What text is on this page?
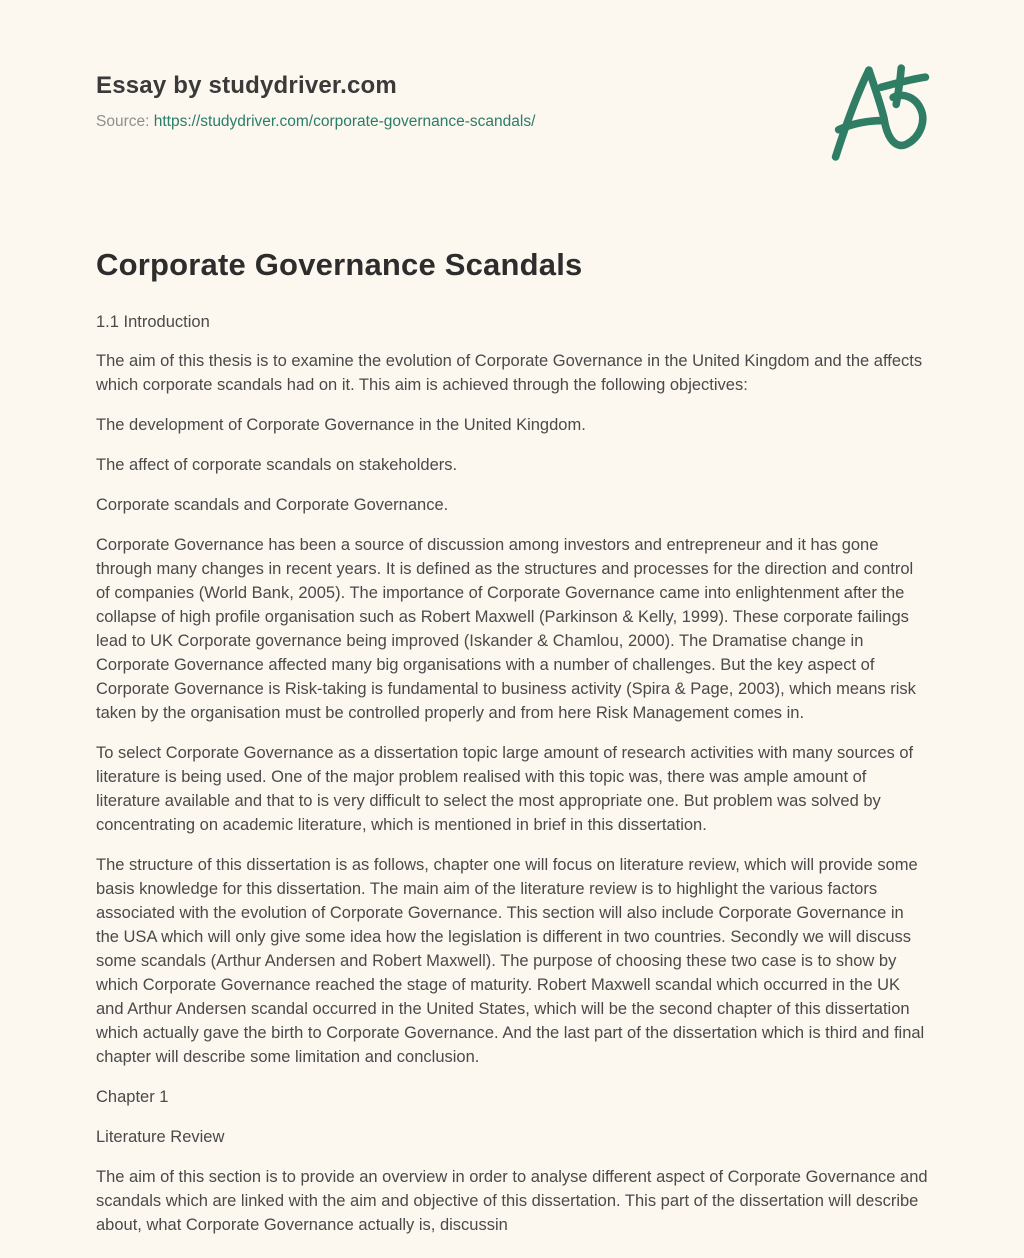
Essay by studydriver.com

Source: https://studydriver.com/corporate-governance-scandals/

Corporate Governance Scandals

1.1 Introduction

The aim of this thesis is to examine the evolution of Corporate Governance in the United Kingdom and the affects which corporate scandals had on it. This aim is achieved through the following objectives:

The development of Corporate Governance in the United Kingdom.

The affect of corporate scandals on stakeholders.

Corporate scandals and Corporate Governance.

Corporate Governance has been a source of discussion among investors and entrepreneur and it has gone through many changes in recent years. It is defined as the structures and processes for the direction and control of companies (World Bank, 2005). The importance of Corporate Governance came into enlightenment after the collapse of high profile organisation such as Robert Maxwell (Parkinson & Kelly, 1999). These corporate failings lead to UK Corporate governance being improved (Iskander & Chamlou, 2000). The Dramatise change in Corporate Governance affected many big organisations with a number of challenges. But the key aspect of Corporate Governance is Risk-taking is fundamental to business activity (Spira & Page, 2003), which means risk taken by the organisation must be controlled properly and from here Risk Management comes in.

To select Corporate Governance as a dissertation topic large amount of research activities with many sources of literature is being used. One of the major problem realised with this topic was, there was ample amount of literature available and that to is very difficult to select the most appropriate one. But problem was solved by concentrating on academic literature, which is mentioned in brief in this dissertation.

The structure of this dissertation is as follows, chapter one will focus on literature review, which will provide some basis knowledge for this dissertation. The main aim of the literature review is to highlight the various factors associated with the evolution of Corporate Governance. This section will also include Corporate Governance in the USA which will only give some idea how the legislation is different in two countries. Secondly we will discuss some scandals (Arthur Andersen and Robert Maxwell). The purpose of choosing these two case is to show by which Corporate Governance reached the stage of maturity. Robert Maxwell scandal which occurred in the UK and Arthur Andersen scandal occurred in the United States, which will be the second chapter of this dissertation which actually gave the birth to Corporate Governance. And the last part of the dissertation which is third and final chapter will describe some limitation and conclusion.

Chapter 1

Literature Review

The aim of this section is to provide an overview in order to analyse different aspect of Corporate Governance and scandals which are linked with the aim and objective of this dissertation. This part of the dissertation will describe about, what Corporate Governance actually is, discussin
